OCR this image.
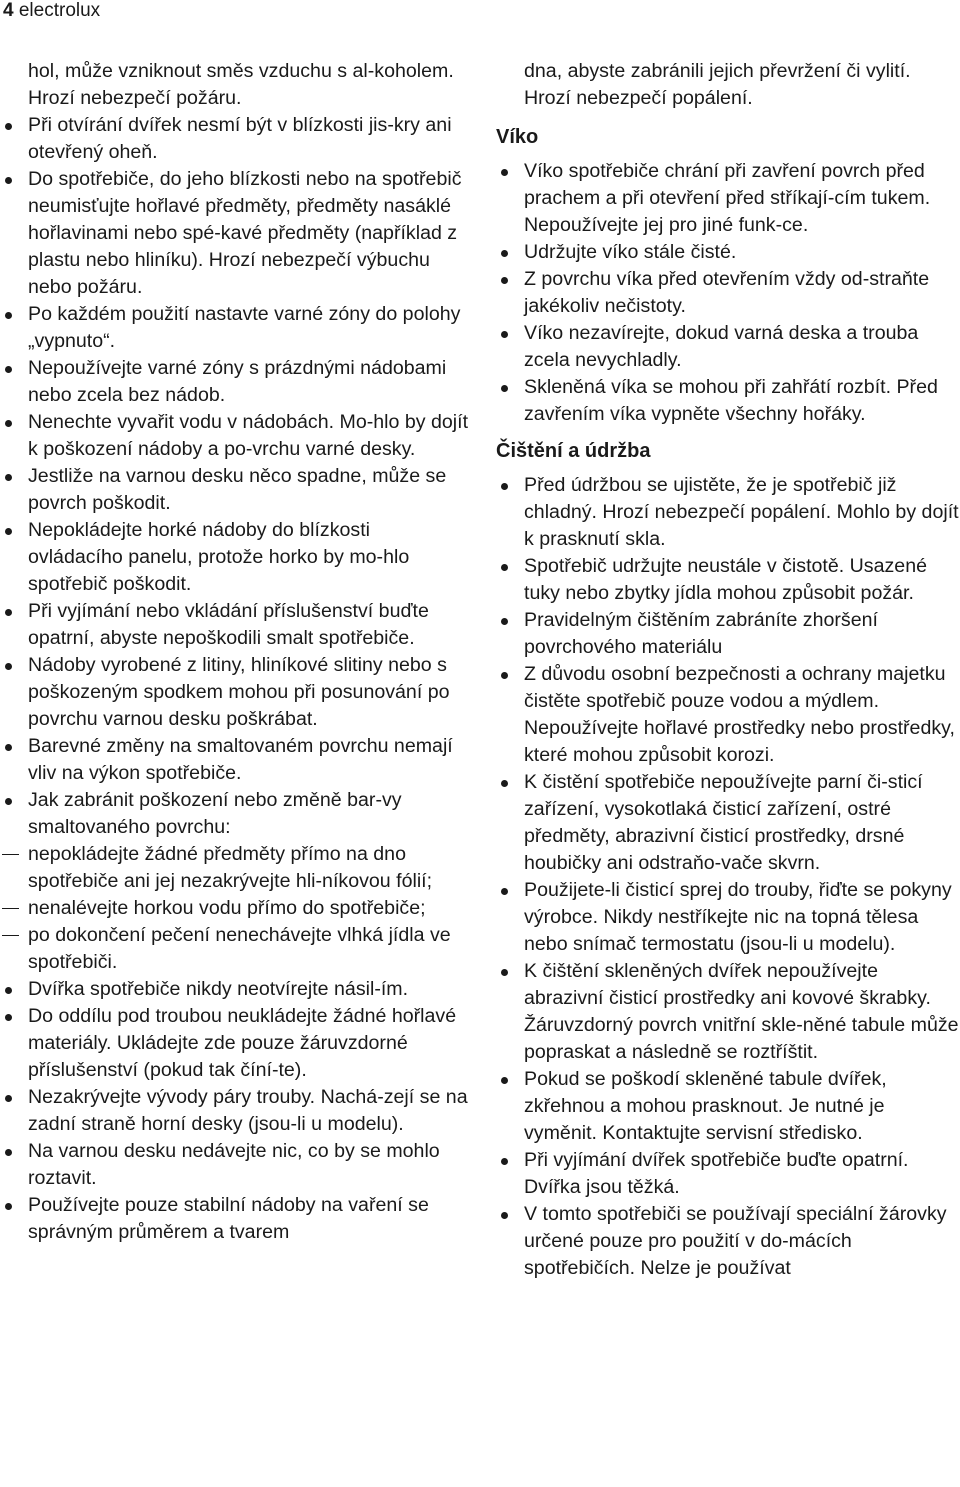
4 electrolux

hol, může vzniknout směs vzduchu s al-koholem. Hrozí nebezpečí požáru.

Při otvírání dvířek nesmí být v blízkosti jis-kry ani otevřený oheň.
Do spotřebiče, do jeho blízkosti nebo na spotřebič neumisťujte hořlavé předměty, předměty nasáklé hořlavinami nebo spé-kavé předměty (například z plastu nebo hliníku). Hrozí nebezpečí výbuchu nebo požáru.
Po každém použití nastavte varné zóny do polohy „vypnuto“.
Nepoužívejte varné zóny s prázdnými nádobami nebo zcela bez nádob.
Nenechte vyvařit vodu v nádobách. Mo-hlo by dojít k poškození nádoby a po-vrchu varné desky.
Jestliže na varnou desku něco spadne, může se povrch poškodit.
Nepokládejte horké nádoby do blízkosti ovládacího panelu, protože horko by mo-hlo spotřebič poškodit.
Při vyjímání nebo vkládání příslušenství buďte opatrní, abyste nepoškodili smalt spotřebiče.
Nádoby vyrobené z litiny, hliníkové slitiny nebo s poškozeným spodkem mohou při posunování po povrchu varnou desku poškrábat.
Barevné změny na smaltovaném povrchu nemají vliv na výkon spotřebiče.
Jak zabránit poškození nebo změně bar-vy smaltovaného povrchu:
nepokládejte žádné předměty přímo na dno spotřebiče ani jej nezakrývejte hli-níkovou fólií;
nenalévejte horkou vodu přímo do spotřebiče;
po dokončení pečení nenechávejte vlhká jídla ve spotřebiči.
Dvířka spotřebiče nikdy neotvírejte násil-ím.
Do oddílu pod troubou neukládejte žádné hořlavé materiály. Ukládejte zde pouze žáruvzdorné příslušenství (pokud tak číní-te).
Nezakrývejte vývody páry trouby. Nachá-zejí se na zadní straně horní desky (jsou-li u modelu).
Na varnou desku nedávejte nic, co by se mohlo roztavit.
Používejte pouze stabilní nádoby na vaření se správným průměrem a tvarem

dna, abyste zabránili jejich převržení či vylití. Hrozí nebezpečí popálení.

Víko
Víko spotřebiče chrání při zavření povrch před prachem a při otevření před stříkají-cím tukem. Nepoužívejte jej pro jiné funk-ce.
Udržujte víko stále čisté.
Z povrchu víka před otevřením vždy od-straňte jakékoliv nečistoty.
Víko nezavírejte, dokud varná deska a trouba zcela nevychladly.
Skleněná víka se mohou při zahřátí rozbít. Před zavřením víka vypněte všechny hořáky.
Čištění a údržba
Před údržbou se ujistěte, že je spotřebič již chladný. Hrozí nebezpečí popálení. Mohlo by dojít k prasknutí skla.
Spotřebič udržujte neustále v čistotě. Usazené tuky nebo zbytky jídla mohou způsobit požár.
Pravidelným čištěním zabráníte zhoršení povrchového materiálu
Z důvodu osobní bezpečnosti a ochrany majetku čistěte spotřebič pouze vodou a mýdlem. Nepoužívejte hořlavé prostředky nebo prostředky, které mohou způsobit korozi.
K čistění spotřebiče nepoužívejte parní či-sticí zařízení, vysokotlaká čisticí zařízení, ostré předměty, abrazivní čisticí prostředky, drsné houbičky ani odstraňo-vače skvrn.
Použijete-li čisticí sprej do trouby, řiďte se pokyny výrobce. Nikdy nestříkejte nic na topná tělesa nebo snímač termostatu (jsou-li u modelu).
K čištění skleněných dvířek nepoužívejte abrazivní čisticí prostředky ani kovové škrabky. Žáruvzdorný povrch vnitřní skle-něné tabule může popraskat a následně se roztříštit.
Pokud se poškodí skleněné tabule dvířek, zkřehnou a mohou prasknout. Je nutné je vyměnit. Kontaktujte servisní středisko.
Při vyjímání dvířek spotřebiče buďte opatrní. Dvířka jsou těžká.
V tomto spotřebiči se používají speciální žárovky určené pouze pro použití v do-mácích spotřebičích. Nelze je používat
